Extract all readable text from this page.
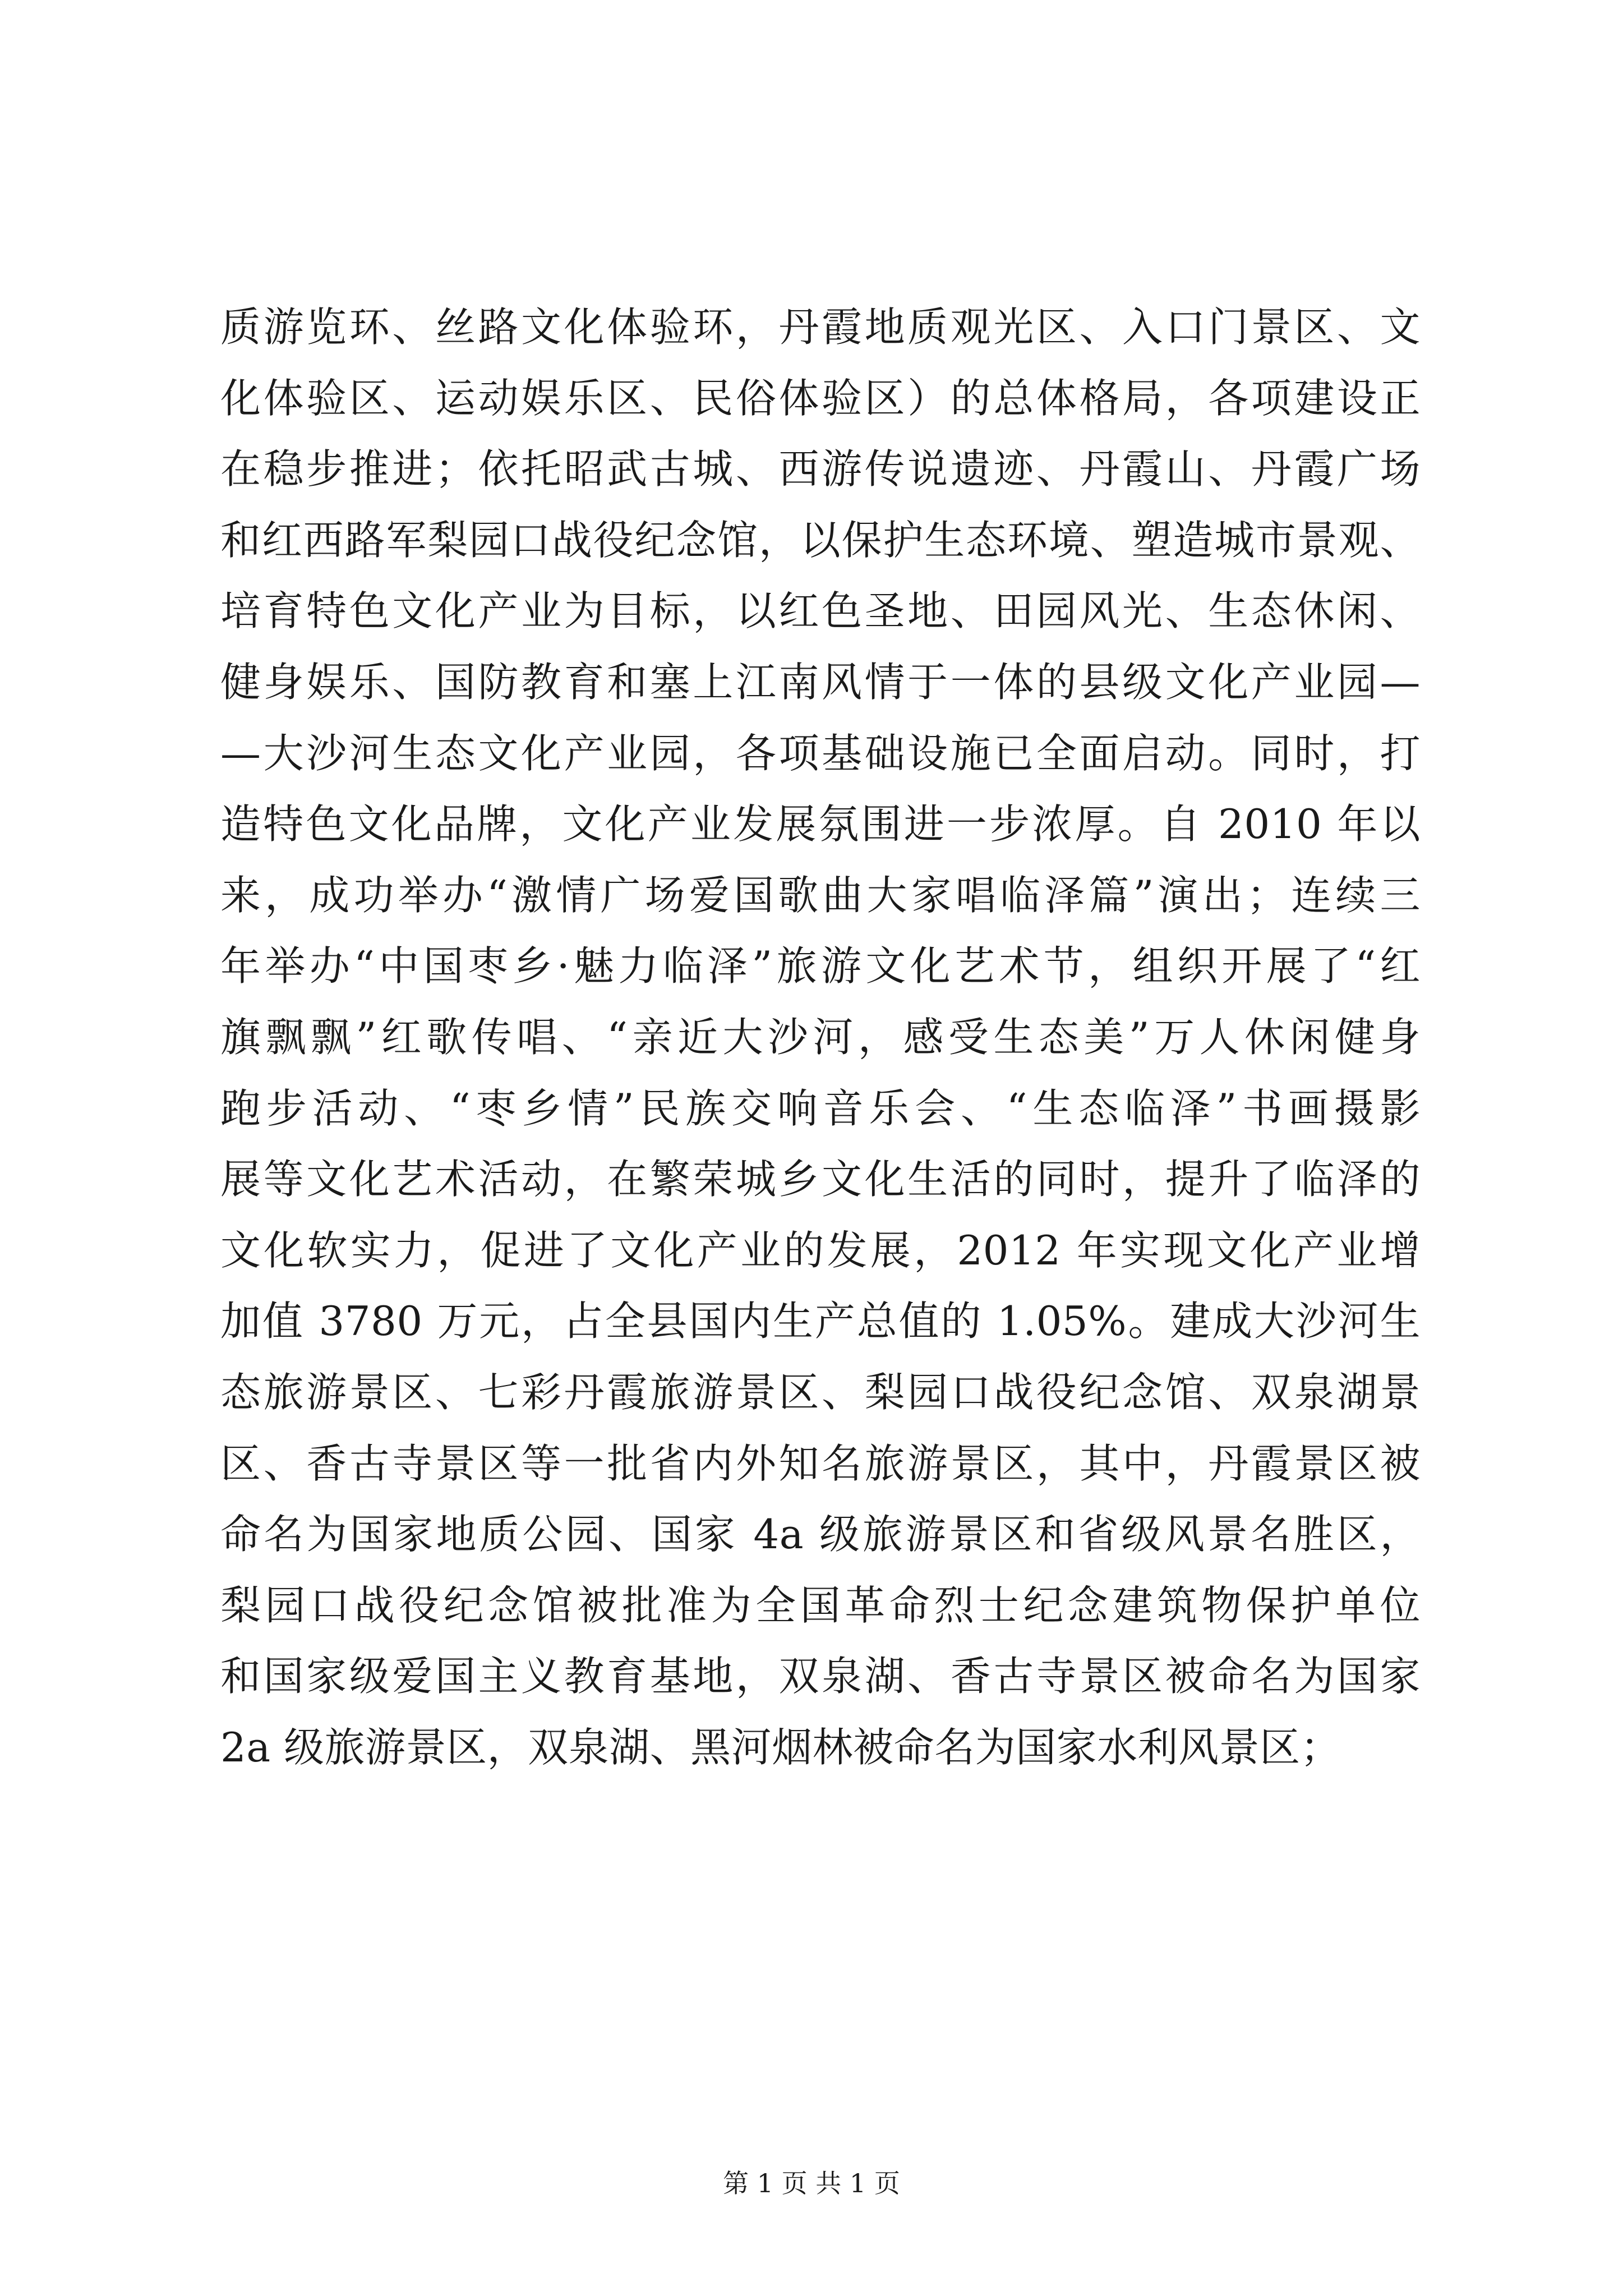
质游览环、丝路文化体验环，丹霞地质观光区、入口门景区、文
化体验区、运动娱乐区、民俗体验区）的总体格局，各项建设正
在稳步推进；依托昭武古城、西游传说遗迹、丹霞山、丹霞广场
和红西路军梨园口战役纪念馆，以保护生态环境、塑造城市景观、
培育特色文化产业为目标，以红色圣地、田园风光、生态休闲、
健身娱乐、国防教育和塞上江南风情于一体的县级文化产业园—
—大沙河生态文化产业园，各项基础设施已全面启动。同时，打
造特色文化品牌，文化产业发展氛围进一步浓厚。自 2010 年以
来，成功举办“激情广场爱国歌曲大家唱临泽篇”演出；连续三
年举办“中国枣乡·魅力临泽”旅游文化艺术节，组织开展了“红
旗飘飘”红歌传唱、“亲近大沙河，感受生态美”万人休闲健身
跑步活动、“枣乡情”民族交响音乐会、“生态临泽”书画摄影
展等文化艺术活动，在繁荣城乡文化生活的同时，提升了临泽的
文化软实力，促进了文化产业的发展，2012 年实现文化产业增
加值 3780 万元，占全县国内生产总值的 1.05%。建成大沙河生
态旅游景区、七彩丹霞旅游景区、梨园口战役纪念馆、双泉湖景
区、香古寺景区等一批省内外知名旅游景区，其中，丹霞景区被
命名为国家地质公园、国家 4a 级旅游景区和省级风景名胜区，
梨园口战役纪念馆被批准为全国革命烈士纪念建筑物保护单位
和国家级爱国主义教育基地，双泉湖、香古寺景区被命名为国家
2a 级旅游景区，双泉湖、黑河烟林被命名为国家水利风景区；
第 1 页 共 1 页
